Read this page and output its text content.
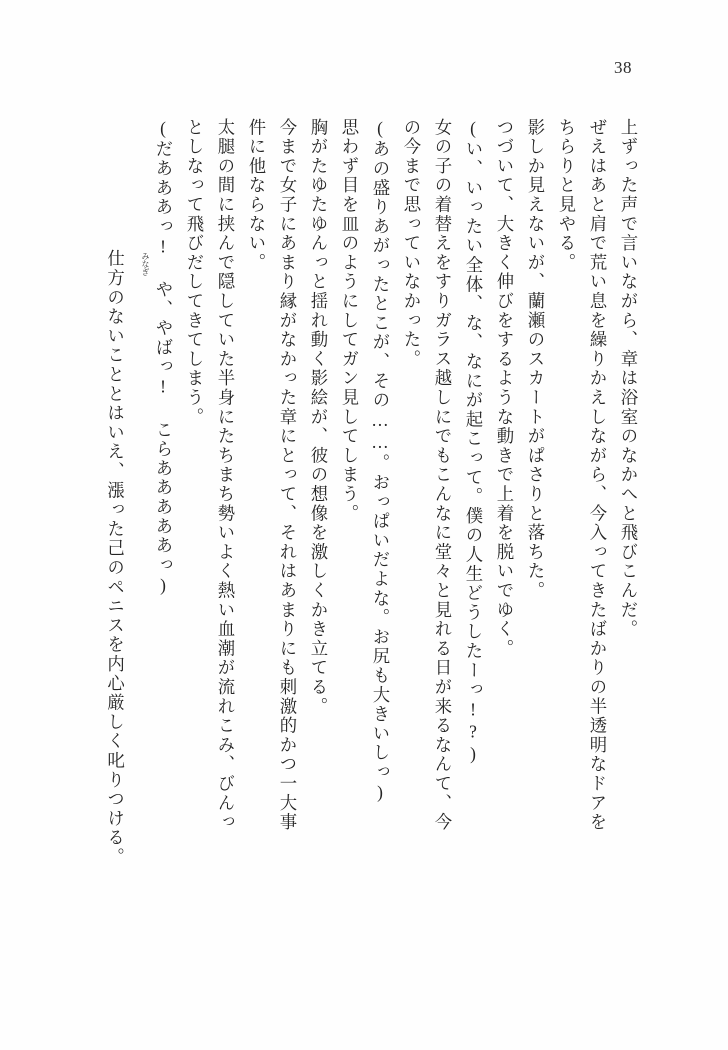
38
上ずった声で言いながら、章は浴室のなかへと飛びこんだ。
ぜえはあと肩で荒い息を繰りかえしながら、今入ってきたばかりの半透明なドアを
ちらりと見やる。
影しか見えないが、蘭瀬のスカートがぱさりと落ちた。
つづいて、大きく伸びをするような動きで上着を脱いでゆく。
(い、いったい全体、な、なにが起こって。僕の人生どうしたーっ!?)
女の子の着替えをすりガラス越しにでもこんなに堂々と見れる日が来るなんて、今
の今まで思っていなかった。
(あの盛りあがったとこが、その……。おっぱいだよな。お尻も大きいしっ)
思わず目を皿のようにしてガン見してしまう。
胸がたゆたゆんっと揺れ動く影絵が、彼の想像を激しくかき立てる。
今まで女子にあまり縁がなかった章にとって、それはあまりにも刺激的かつ一大事
件に他ならない。
太腿の間に挟んで隠していた半身にたちまち勢いよく熱い血潮が流れこみ、びんっ
としなって飛びだしてきてしまう。
(だあああっ! や、やばっ! こらあああああっ)

仕方のないこととはいえ、漲った己のペニスを内心厳しく叱りつける。
みなぎ
